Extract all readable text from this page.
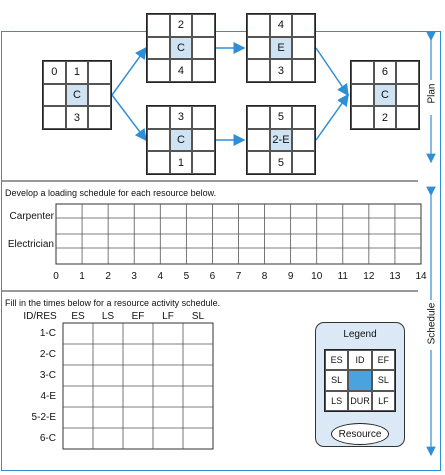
0	1
C
3
2
C
4
4
E
3
3
C
1
5
2-E
5
6
C
2
Plan
Schedule
Develop a loading schedule for each resource below.
Carpenter
Electrician
0	1	2	3	4	5	6	7	8	9	10 11 12 13 14
Fill in the times below for a resource activity schedule.
ID/RES	ES	LS	EF	LF	SL
1-C
2-C
3-C
4-E
5-2-E
6-C
Legend
ES	ID	EF
SL	SL
LS DUR LF
Resource
